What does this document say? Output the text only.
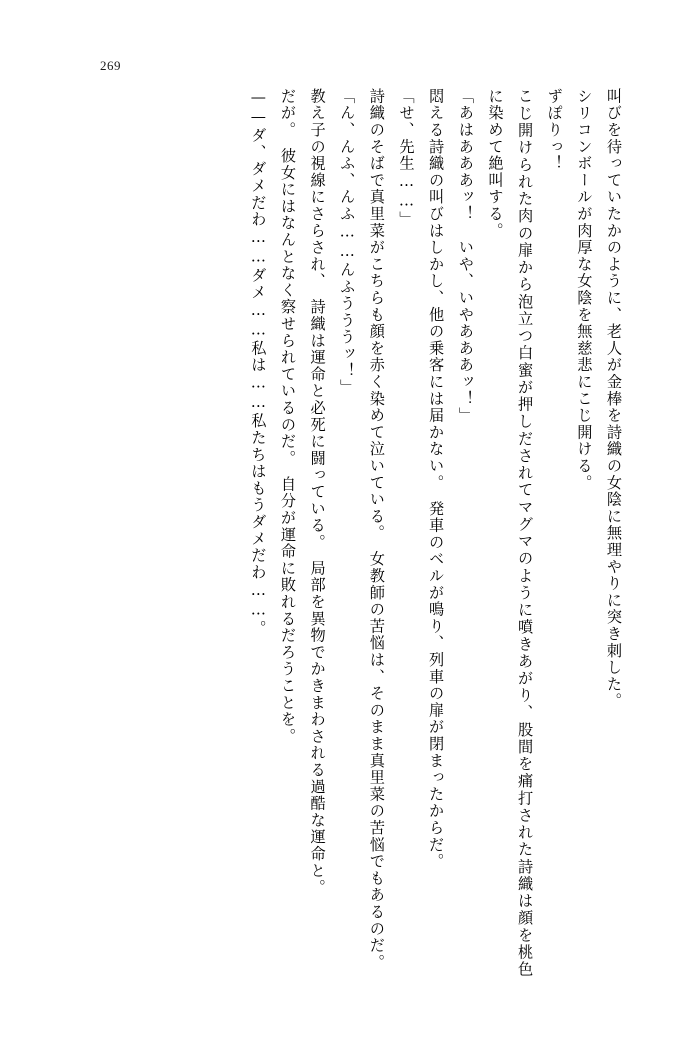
269

叫びを待っていたかのように、老人が金棒を詩織の女陰に無理やりに突き刺した。

シリコンボールが肉厚な女陰を無慈悲にこじ開ける。

ずぽりっ！

こじ開けられた肉の扉から泡立つ白蜜が押しだされてマグマのように噴きあがり、股間を痛打された詩織は顔を桃色に染めて絶叫する。

「あはあああッ！　いや、いやあああッ！」

悶える詩織の叫びはしかし、他の乗客には届かない。　発車のベルが鳴り、列車の扉が閉まったからだ。

「せ、先生……」

詩織のそばで真里菜がこちらも顔を赤く染めて泣いている。　女教師の苦悩は、そのまま真里菜の苦悩でもあるのだ。

「ん、んふ、んふ……んふうううッ！」

教え子の視線にさらされ、　詩織は運命と必死に闘っている。　局部を異物でかきまわされる過酷な運命と。

だが。　彼女にはなんとなく察せられているのだ。　自分が運命に敗れるだろうことを。

——ダ、ダメだわ……ダメ……私は……私たちはもうダメだわ……。
